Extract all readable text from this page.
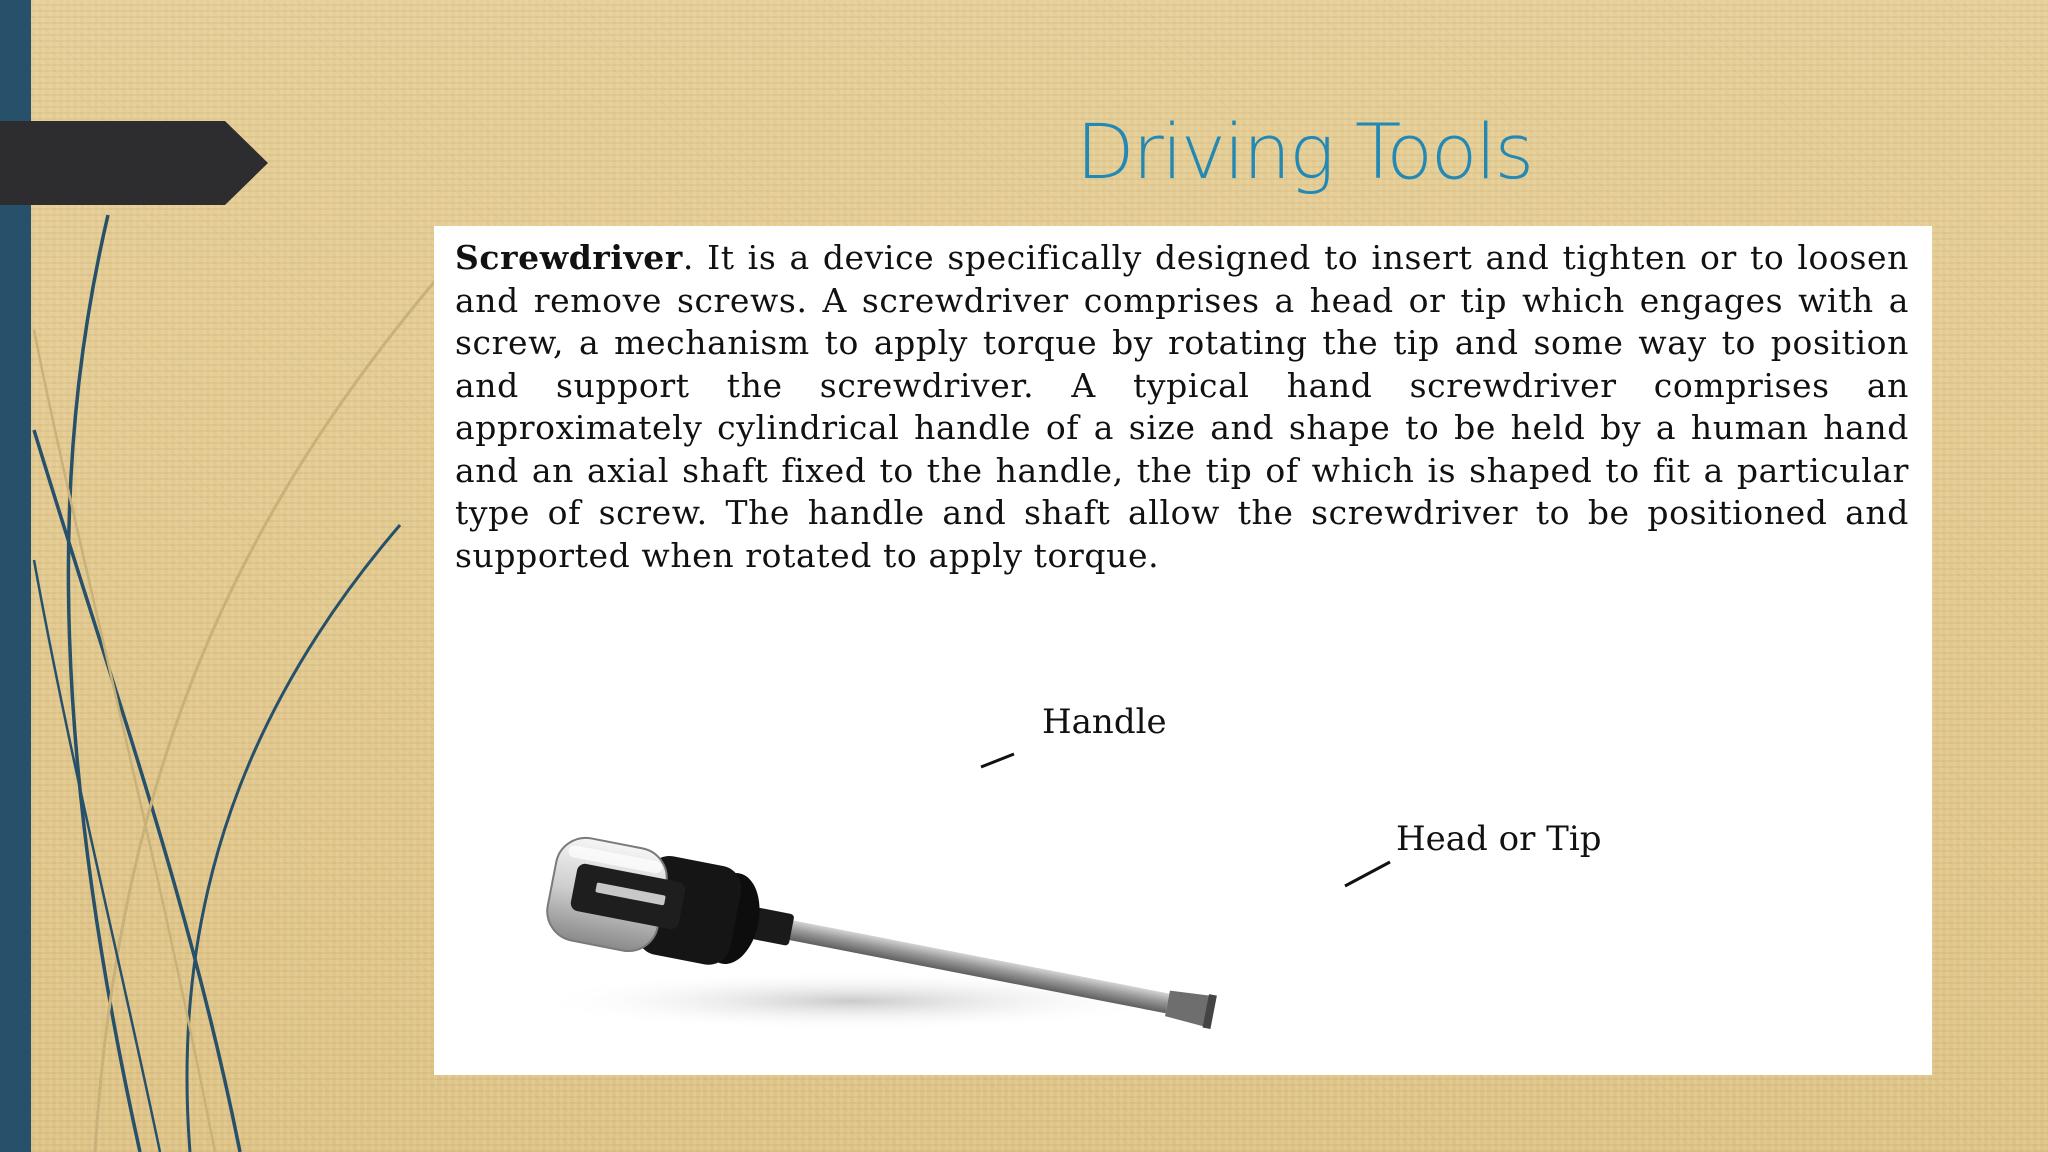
Driving Tools

Screwdriver. It is a device specifically designed to insert and tighten or to loosen and remove screws. A screwdriver comprises a head or tip which engages with a screw, a mechanism to apply torque by rotating the tip and some way to position and support the screwdriver. A typical hand screwdriver comprises an approximately cylindrical handle of a size and shape to be held by a human hand and an axial shaft fixed to the handle, the tip of which is shaped to fit a particular type of screw. The handle and shaft allow the screwdriver to be positioned and supported when rotated to apply torque.

Handle
Head or Tip
